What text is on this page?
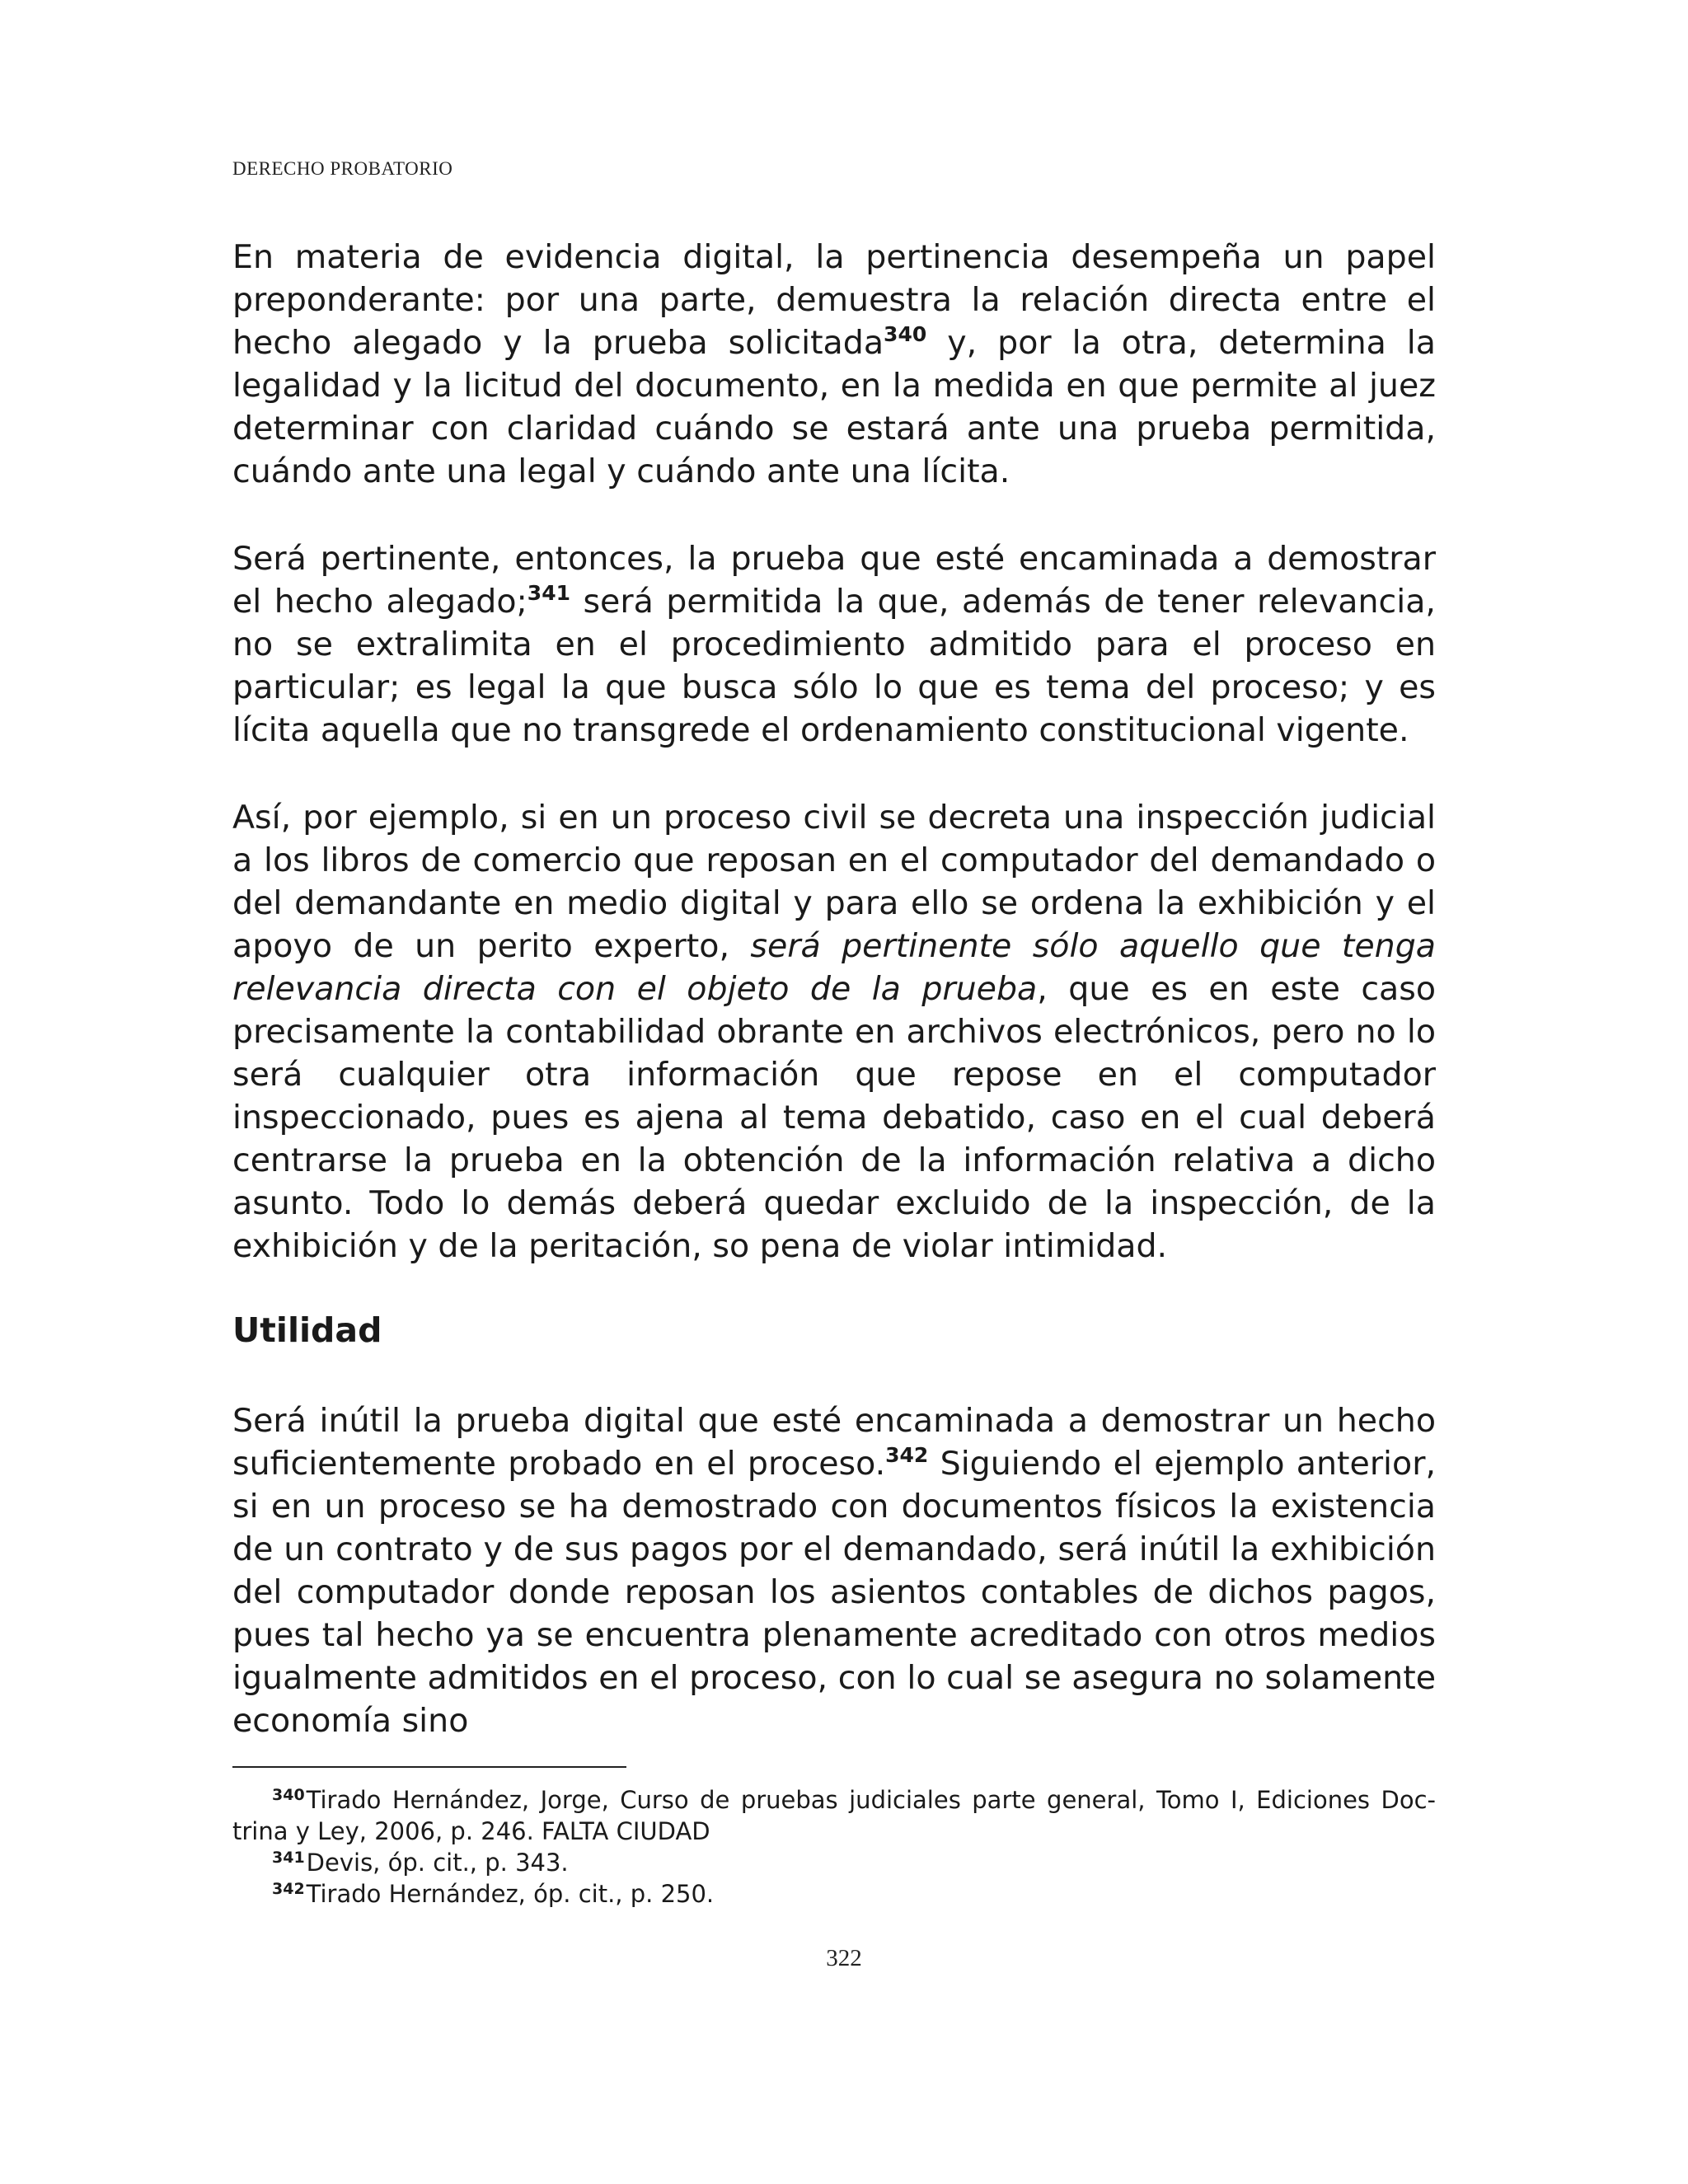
DERECHO PROBATORIO

En materia de evidencia digital, la pertinencia desempeña un papel preponderante: por una parte, demuestra la relación directa entre el hecho alegado y la prueba solicitada$^{340}$ y, por la otra, determina la legalidad y la licitud del documento, en la medida en que permite al juez determinar con claridad cuándo se estará ante una prueba permitida, cuándo ante una legal y cuándo ante una lícita.

Será pertinente, entonces, la prueba que esté encaminada a demostrar el hecho alegado;$^{341}$ será permitida la que, además de tener relevancia, no se extralimita en el procedimiento admitido para el proceso en particular; es legal la que busca sólo lo que es tema del proceso; y es lícita aquella que no transgrede el ordenamiento constitucional vigente.

Así, por ejemplo, si en un proceso civil se decreta una inspección judicial a los libros de comercio que reposan en el computador del demandado o del demandante en medio digital y para ello se ordena la exhibición y el apoyo de un perito experto, será pertinente sólo aquello que tenga relevancia directa con el objeto de la prueba, que es en este caso precisamente la contabilidad obrante en archivos electrónicos, pero no lo será cualquier otra información que repose en el computador inspeccionado, pues es ajena al tema debatido, caso en el cual deberá centrarse la prueba en la obtención de la información relativa a dicho asunto. Todo lo demás deberá quedar excluido de la inspección, de la exhibición y de la peritación, so pena de violar intimidad.

Utilidad

Será inútil la prueba digital que esté encaminada a demostrar un hecho suficientemente probado en el proceso.$^{342}$ Siguiendo el ejemplo anterior, si en un proceso se ha demostrado con documentos físicos la existencia de un contrato y de sus pagos por el demandado, será inútil la exhibición del computador donde reposan los asientos contables de dichos pagos, pues tal hecho ya se encuentra plenamente acreditado con otros medios igualmente admitidos en el proceso, con lo cual se asegura no solamente economía sino

$^{340}$Tirado Hernández, Jorge, Curso de pruebas judiciales parte general, Tomo I, Ediciones Doctrina y Ley, 2006, p. 246. FALTA CIUDAD

$^{341}$Devis, óp. cit., p. 343.

$^{342}$Tirado Hernández, óp. cit., p. 250.

322
